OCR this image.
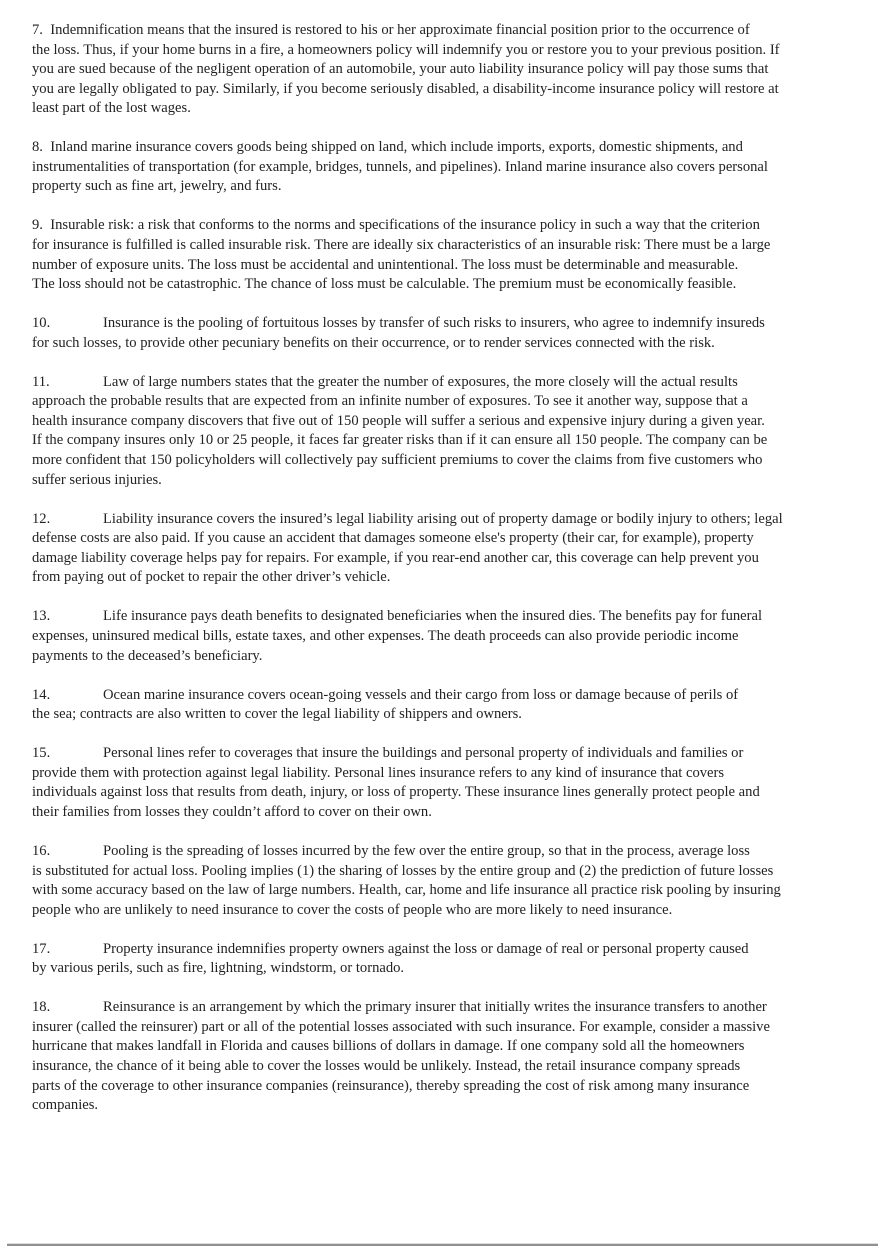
7. Indemnification means that the insured is restored to his or her approximate financial position prior to the occurrence of
the loss. Thus, if your home burns in a fire, a homeowners policy will indemnify you or restore you to your previous position. If
you are sued because of the negligent operation of an automobile, your auto liability insurance policy will pay those sums that
you are legally obligated to pay. Similarly, if you become seriously disabled, a disability-income insurance policy will restore at
least part of the lost wages.
8. Inland marine insurance covers goods being shipped on land, which include imports, exports, domestic shipments, and
instrumentalities of transportation (for example, bridges, tunnels, and pipelines). Inland marine insurance also covers personal
property such as fine art, jewelry, and furs.
9. Insurable risk: a risk that conforms to the norms and specifications of the insurance policy in such a way that the criterion
for insurance is fulfilled is called insurable risk. There are ideally six characteristics of an insurable risk: There must be a large
number of exposure units. The loss must be accidental and unintentional. The loss must be determinable and measurable.
The loss should not be catastrophic. The chance of loss must be calculable. The premium must be economically feasible.
10.	Insurance is the pooling of fortuitous losses by transfer of such risks to insurers, who agree to indemnify insureds
for such losses, to provide other pecuniary benefits on their occurrence, or to render services connected with the risk.
11.	Law of large numbers states that the greater the number of exposures, the more closely will the actual results
approach the probable results that are expected from an infinite number of exposures. To see it another way, suppose that a
health insurance company discovers that five out of 150 people will suffer a serious and expensive injury during a given year.
If the company insures only 10 or 25 people, it faces far greater risks than if it can ensure all 150 people. The company can be
more confident that 150 policyholders will collectively pay sufficient premiums to cover the claims from five customers who
suffer serious injuries.
12.	Liability insurance covers the insured’s legal liability arising out of property damage or bodily injury to others; legal
defense costs are also paid. If you cause an accident that damages someone else's property (their car, for example), property
damage liability coverage helps pay for repairs. For example, if you rear-end another car, this coverage can help prevent you
from paying out of pocket to repair the other driver’s vehicle.
13.	Life insurance pays death benefits to designated beneficiaries when the insured dies. The benefits pay for funeral
expenses, uninsured medical bills, estate taxes, and other expenses. The death proceeds can also provide periodic income
payments to the deceased’s beneficiary.
14.	Ocean marine insurance covers ocean-going vessels and their cargo from loss or damage because of perils of
the sea; contracts are also written to cover the legal liability of shippers and owners.
15.	Personal lines refer to coverages that insure the buildings and personal property of individuals and families or
provide them with protection against legal liability. Personal lines insurance refers to any kind of insurance that covers
individuals against loss that results from death, injury, or loss of property. These insurance lines generally protect people and
their families from losses they couldn’t afford to cover on their own.
16.	Pooling is the spreading of losses incurred by the few over the entire group, so that in the process, average loss
is substituted for actual loss. Pooling implies (1) the sharing of losses by the entire group and (2) the prediction of future losses
with some accuracy based on the law of large numbers. Health, car, home and life insurance all practice risk pooling by insuring
people who are unlikely to need insurance to cover the costs of people who are more likely to need insurance.
17.	Property insurance indemnifies property owners against the loss or damage of real or personal property caused
by various perils, such as fire, lightning, windstorm, or tornado.
18.	Reinsurance is an arrangement by which the primary insurer that initially writes the insurance transfers to another
insurer (called the reinsurer) part or all of the potential losses associated with such insurance. For example, consider a massive
hurricane that makes landfall in Florida and causes billions of dollars in damage. If one company sold all the homeowners
insurance, the chance of it being able to cover the losses would be unlikely. Instead, the retail insurance company spreads
parts of the coverage to other insurance companies (reinsurance), thereby spreading the cost of risk among many insurance
companies.
